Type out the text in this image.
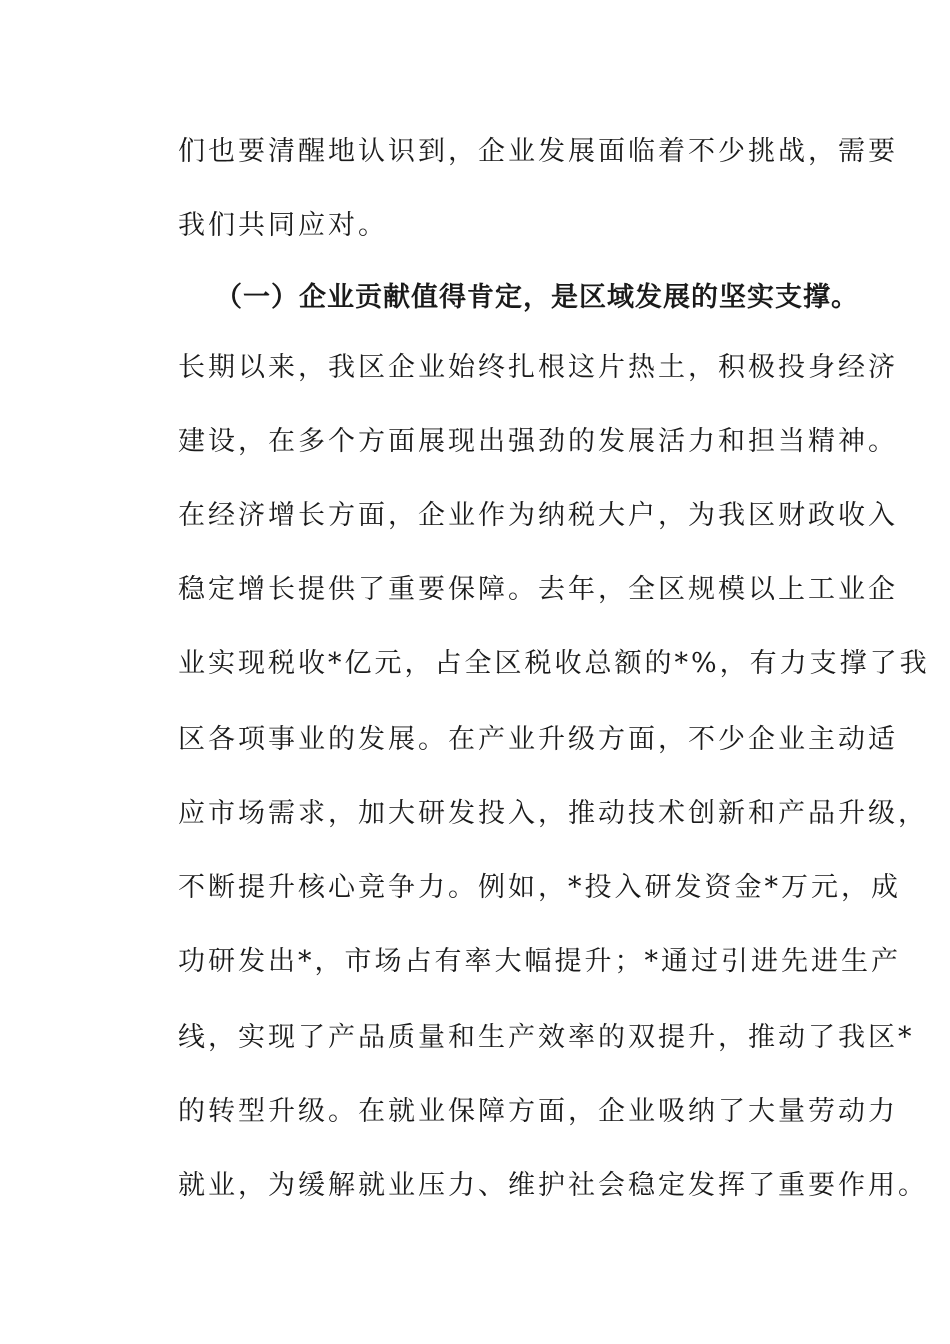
们也要清醒地认识到，企业发展面临着不少挑战，需要
我们共同应对。
（一）企业贡献值得肯定，是区域发展的坚实支撑。
长期以来，我区企业始终扎根这片热土，积极投身经济
建设，在多个方面展现出强劲的发展活力和担当精神。
在经济增长方面，企业作为纳税大户，为我区财政收入
稳定增长提供了重要保障。去年，全区规模以上工业企
业实现税收*亿元，占全区税收总额的*%，有力支撑了我
区各项事业的发展。在产业升级方面，不少企业主动适
应市场需求，加大研发投入，推动技术创新和产品升级，
不断提升核心竞争力。例如，*投入研发资金*万元，成
功研发出*，市场占有率大幅提升；*通过引进先进生产
线，实现了产品质量和生产效率的双提升，推动了我区*
的转型升级。在就业保障方面，企业吸纳了大量劳动力
就业，为缓解就业压力、维护社会稳定发挥了重要作用。
